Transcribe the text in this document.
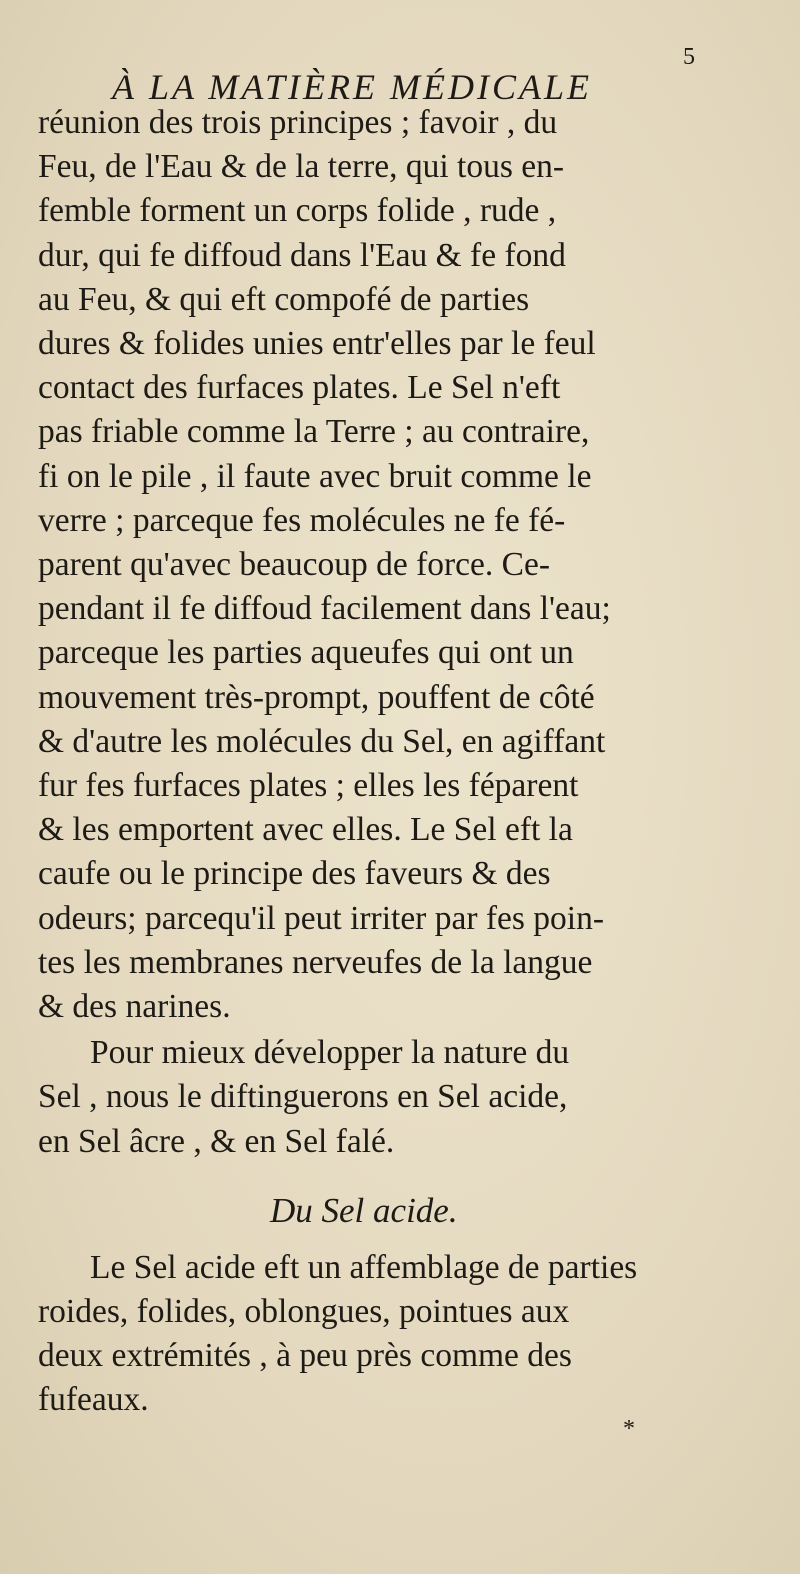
À LA MATIÈRE MÉDICALE
5
réunion des trois principes ; favoir , du
Feu, de l'Eau & de la terre, qui tous en-
femble forment un corps folide , rude ,
dur, qui fe diffoud dans l'Eau & fe fond
au Feu, & qui eft compofé de parties
dures & folides unies entr'elles par le feul
contact des furfaces plates. Le Sel n'eft
pas friable comme la Terre ; au contraire,
fi on le pile , il faute avec bruit comme le
verre ; parceque fes molécules ne fe fé-
parent qu'avec beaucoup de force. Ce-
pendant il fe diffoud facilement dans l'eau;
parceque les parties aqueufes qui ont un
mouvement très-prompt, pouffent de côté
& d'autre les molécules du Sel, en agiffant
fur fes furfaces plates ; elles les féparent
& les emportent avec elles. Le Sel eft la
caufe ou le principe des faveurs & des
odeurs; parcequ'il peut irriter par fes poin-
tes les membranes nerveufes de la langue
& des narines.
Pour mieux développer la nature du
Sel , nous le diftinguerons en Sel acide,
en Sel âcre , & en Sel falé.
Du Sel acide.
Le Sel acide eft un affemblage de parties
roides, folides, oblongues, pointues aux
deux extrémités , à peu près comme des
fufeaux.
*
